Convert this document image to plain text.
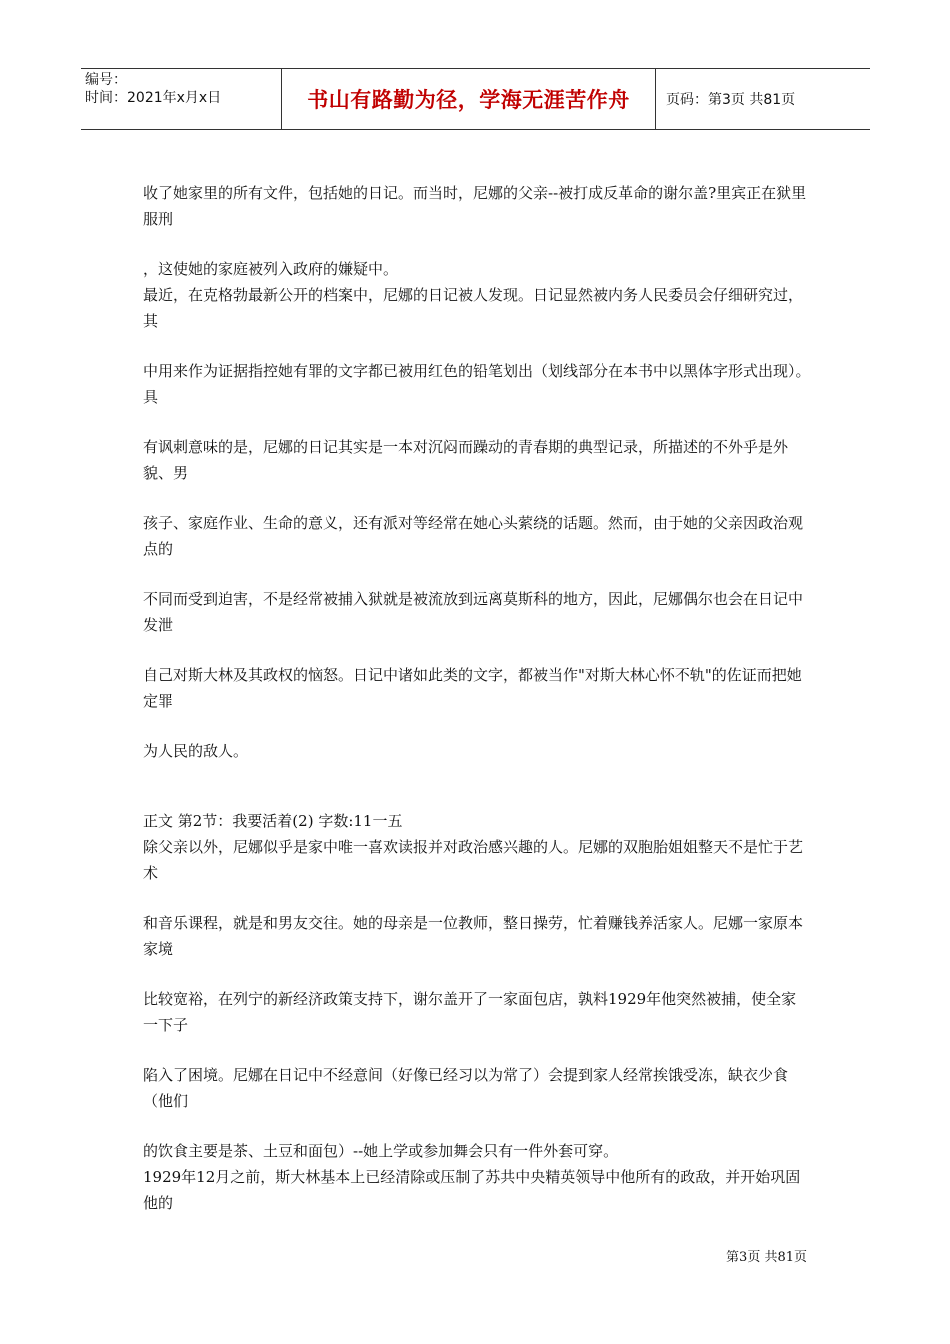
编号：
时间：2021年x月x日	书山有路勤为径，学海无涯苦作舟	页码：第3页 共81页

收了她家里的所有文件，包括她的日记。而当时，尼娜的父亲--被打成反革命的谢尔盖?里宾正在狱里服刑

，这使她的家庭被列入政府的嫌疑中。

最近，在克格勃最新公开的档案中，尼娜的日记被人发现。日记显然被内务人民委员会仔细研究过，其

中用来作为证据指控她有罪的文字都已被用红色的铅笔划出（划线部分在本书中以黑体字形式出现）。具

有讽刺意味的是，尼娜的日记其实是一本对沉闷而躁动的青春期的典型记录，所描述的不外乎是外貌、男

孩子、家庭作业、生命的意义，还有派对等经常在她心头萦绕的话题。然而，由于她的父亲因政治观点的

不同而受到迫害，不是经常被捕入狱就是被流放到远离莫斯科的地方，因此，尼娜偶尔也会在日记中发泄

自己对斯大林及其政权的恼怒。日记中诸如此类的文字，都被当作"对斯大林心怀不轨"的佐证而把她定罪

为人民的敌人。

正文 第2节：我要活着(2) 字数:11一五

除父亲以外，尼娜似乎是家中唯一喜欢读报并对政治感兴趣的人。尼娜的双胞胎姐姐整天不是忙于艺术

和音乐课程，就是和男友交往。她的母亲是一位教师，整日操劳，忙着赚钱养活家人。尼娜一家原本家境

比较宽裕，在列宁的新经济政策支持下，谢尔盖开了一家面包店，孰料1929年他突然被捕，使全家一下子

陷入了困境。尼娜在日记中不经意间（好像已经习以为常了）会提到家人经常挨饿受冻，缺衣少食（他们

的饮食主要是茶、土豆和面包）--她上学或参加舞会只有一件外套可穿。

1929年12月之前，斯大林基本上已经清除或压制了苏共中央精英领导中他所有的政敌，并开始巩固他的

第3页 共81页
